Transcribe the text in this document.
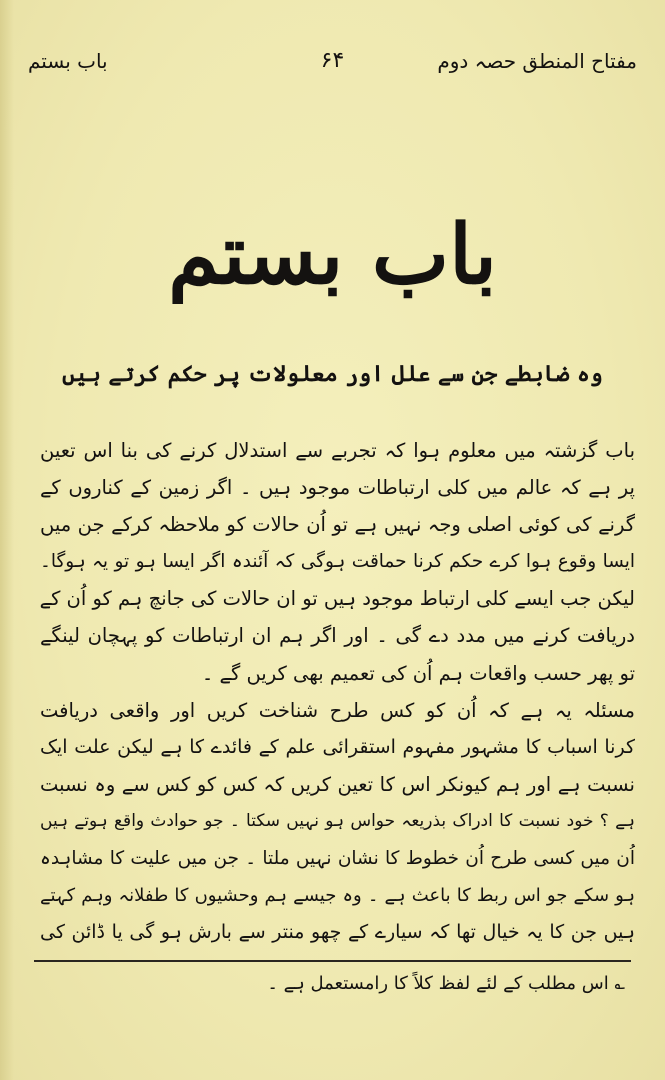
باب بستم	۶۴	مفتاح المنطق حصہ دوم
باب بستم
وہ ضابطے جن سے علل اور معلولات پر حکم کرتے ہیں
باب گزشتہ میں معلوم ہوا کہ تجربے سے استدلال کرنے کی بنا اس تعین
پر ہے کہ عالم میں کلی ارتباطات موجود ہیں ۔ اگر زمین کے کناروں کے
گرنے کی کوئی اصلی وجہ نہیں ہے تو اُن حالات کو ملاحظہ کرکے جن میں
ایسا وقوع ہوا کرے حکم کرنا حماقت ہوگی کہ آئندہ اگر ایسا ہو تو یہ ہوگا۔
لیکن جب ایسے کلی ارتباط موجود ہیں تو ان حالات کی جانچ ہم کو اُن کے
دریافت کرنے میں مدد دے گی ۔ اور اگر ہم ان ارتباطات کو پہچان لینگے
تو پھر حسب واقعات ہم اُن کی تعمیم بھی کریں گے ۔
مسئلہ یہ ہے کہ اُن کو کس طرح شناخت کریں اور واقعی دریافت
کرنا اسباب کا مشہور مفہوم استقرائی علم کے فائدے کا ہے لیکن علت ایک
نسبت ہے اور ہم کیونکر اس کا تعین کریں کہ کس کو کس سے وہ نسبت
ہے ؟ خود نسبت کا ادراک بذریعہ حواس ہو نہیں سکتا ۔ جو حوادث واقع ہوتے ہیں
اُن میں کسی طرح اُن خطوط کا نشان نہیں ملتا ۔ جن میں علیت کا مشاہدہ
ہو سکے جو اس ربط کا باعث ہے ۔ وہ جیسے ہم وحشیوں کا طفلانہ وہم کہتے
ہیں جن کا یہ خیال تھا کہ سیارے کے چھو منتر سے بارش ہو گی یا ڈائن کی
؎ اس مطلب کے لئے لفظ کلاً کا رامستعمل ہے ۔
